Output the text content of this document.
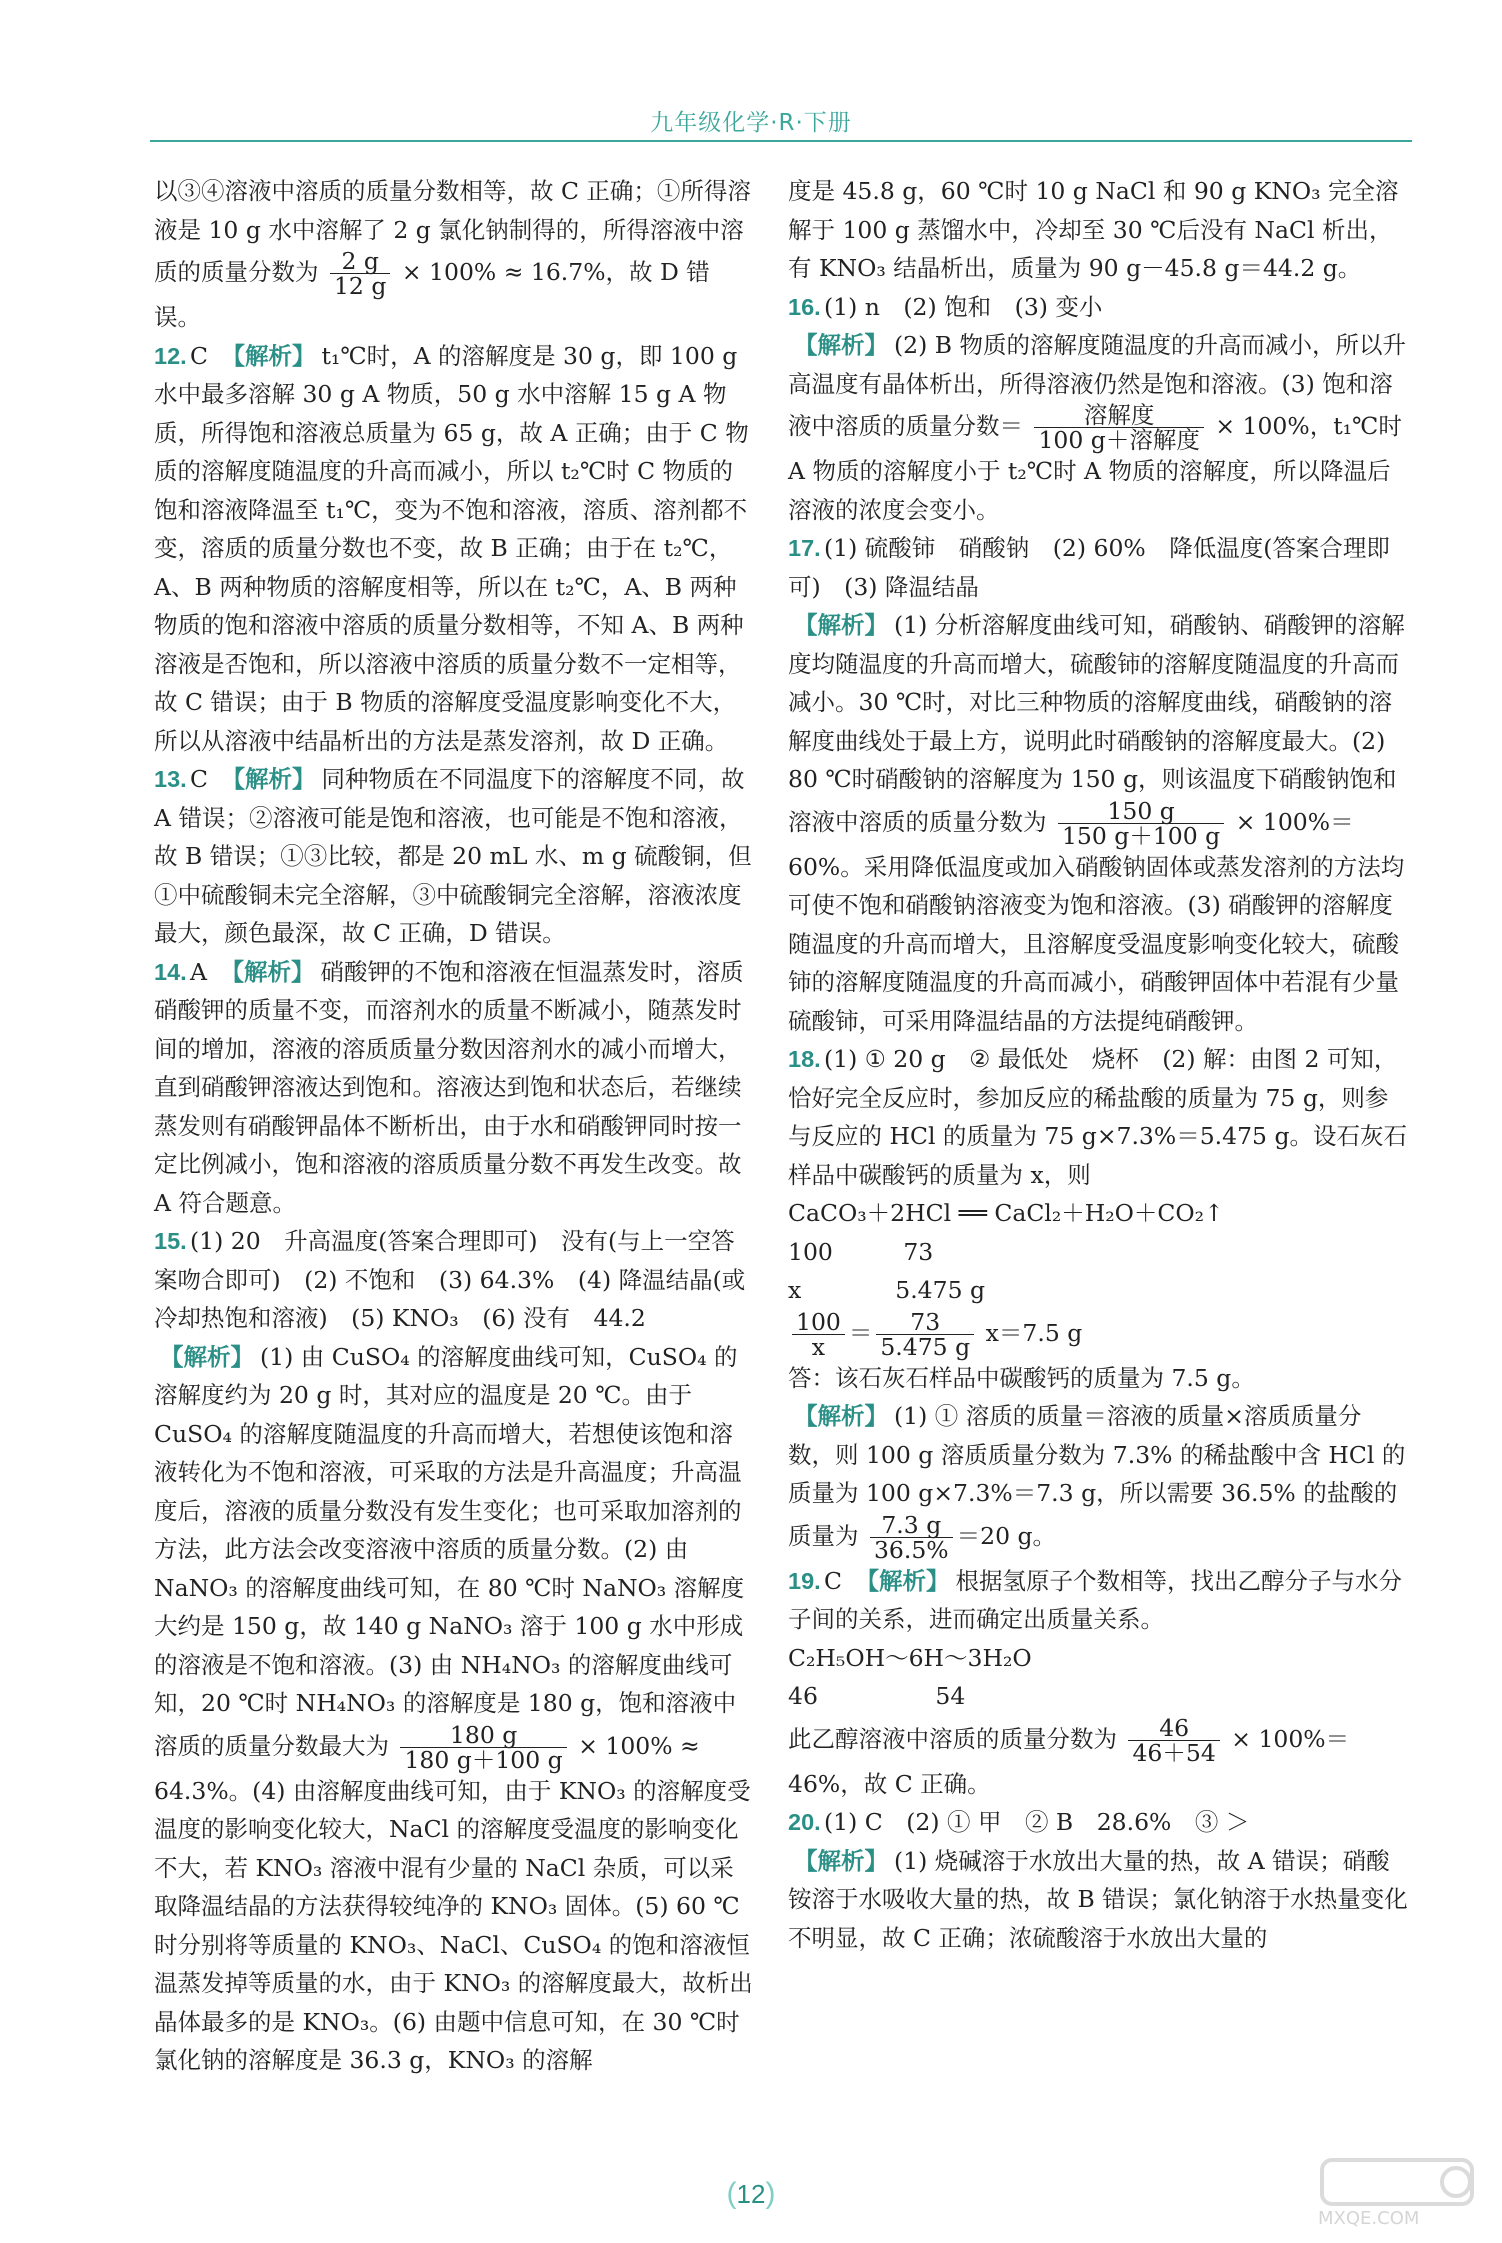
九年级化学·R·下册

以③④溶液中溶质的质量分数相等，故 C 正确；①所得溶液是 10 g 水中溶解了 2 g 氯化钠制得的，所得溶液中溶质的质量分数为 $\frac{2 g}{12 g} \times 100\% \approx 16.7\%$，故 D 错误。

12. C 【解析】 t₁℃时，A 的溶解度是 30 g，即 100 g 水中最多溶解 30 g A 物质，50 g 水中溶解 15 g A 物质，所得饱和溶液总质量为 65 g，故 A 正确；由于 C 物质的溶解度随温度的升高而减小，所以 t₂℃时 C 物质的饱和溶液降温至 t₁℃，变为不饱和溶液，溶质、溶剂都不变，溶质的质量分数也不变，故 B 正确；由于在 t₂℃，A、B 两种物质的溶解度相等，所以在 t₂℃，A、B 两种物质的饱和溶液中溶质的质量分数相等，不知 A、B 两种溶液是否饱和，所以溶液中溶质的质量分数不一定相等，故 C 错误；由于 B 物质的溶解度受温度影响变化不大，所以从溶液中结晶析出的方法是蒸发溶剂，故 D 正确。

13. C 【解析】 同种物质在不同温度下的溶解度不同，故 A 错误；②溶液可能是饱和溶液，也可能是不饱和溶液，故 B 错误；①③比较，都是 20 mL 水、m g 硫酸铜，但①中硫酸铜未完全溶解，③中硫酸铜完全溶解，溶液浓度最大，颜色最深，故 C 正确，D 错误。

14. A 【解析】 硝酸钾的不饱和溶液在恒温蒸发时，溶质硝酸钾的质量不变，而溶剂水的质量不断减小，随蒸发时间的增加，溶液的溶质质量分数因溶剂水的减小而增大，直到硝酸钾溶液达到饱和。溶液达到饱和状态后，若继续蒸发则有硝酸钾晶体不断析出，由于水和硝酸钾同时按一定比例减小，饱和溶液的溶质质量分数不再发生改变。故 A 符合题意。

15. (1) 20　升高温度(答案合理即可)　没有(与上一空答案吻合即可)　(2) 不饱和　(3) 64.3%　(4) 降温结晶(或冷却热饱和溶液)　(5) KNO₃　(6) 没有　44.2
【解析】 (1) 由 CuSO₄ 的溶解度曲线可知，CuSO₄ 的溶解度约为 20 g 时，其对应的温度是 20 ℃。由于 CuSO₄ 的溶解度随温度的升高而增大，若想使该饱和溶液转化为不饱和溶液，可采取的方法是升高温度；升高温度后，溶液的质量分数没有发生变化；也可采取加溶剂的方法，此方法会改变溶液中溶质的质量分数。(2) 由 NaNO₃ 的溶解度曲线可知，在 80 ℃时 NaNO₃ 溶解度大约是 150 g，故 140 g NaNO₃ 溶于 100 g 水中形成的溶液是不饱和溶液。(3) 由 NH₄NO₃ 的溶解度曲线可知，20 ℃时 NH₄NO₃ 的溶解度是 180 g，饱和溶液中溶质的质量分数最大为 $\frac{180 g}{180 g+100 g} \times 100\% \approx 64.3\%$。(4) 由溶解度曲线可知，由于 KNO₃ 的溶解度受温度的影响变化较大，NaCl 的溶解度受温度的影响变化不大，若 KNO₃ 溶液中混有少量的 NaCl 杂质，可以采取降温结晶的方法获得较纯净的 KNO₃ 固体。(5) 60 ℃时分别将等质量的 KNO₃、NaCl、CuSO₄ 的饱和溶液恒温蒸发掉等质量的水，由于 KNO₃ 的溶解度最大，故析出晶体最多的是 KNO₃。(6) 由题中信息可知，在 30 ℃时氯化钠的溶解度是 36.3 g，KNO₃ 的溶解

度是 45.8 g，60 ℃时 10 g NaCl 和 90 g KNO₃ 完全溶解于 100 g 蒸馏水中，冷却至 30 ℃后没有 NaCl 析出，有 KNO₃ 结晶析出，质量为 90 g－45.8 g＝44.2 g。

16. (1) n　(2) 饱和　(3) 变小
【解析】 (2) B 物质的溶解度随温度的升高而减小，所以升高温度有晶体析出，所得溶液仍然是饱和溶液。(3) 饱和溶液中溶质的质量分数＝ $\frac{\text{溶解度}}{\text{100 g＋溶解度}} \times 100\%$，t₁℃时 A 物质的溶解度小于 t₂℃时 A 物质的溶解度，所以降温后溶液的浓度会变小。

17. (1) 硫酸铈　硝酸钠　(2) 60%　降低温度(答案合理即可)　(3) 降温结晶
【解析】 (1) 分析溶解度曲线可知，硝酸钠、硝酸钾的溶解度均随温度的升高而增大，硫酸铈的溶解度随温度的升高而减小。30 ℃时，对比三种物质的溶解度曲线，硝酸钠的溶解度曲线处于最上方，说明此时硝酸钠的溶解度最大。(2) 80 ℃时硝酸钠的溶解度为 150 g，则该温度下硝酸钠饱和溶液中溶质的质量分数为 $\frac{150 g}{150 g+100 g} \times 100\%=60\%$。采用降低温度或加入硝酸钠固体或蒸发溶剂的方法均可使不饱和硝酸钠溶液变为饱和溶液。(3) 硝酸钾的溶解度随温度的升高而增大，且溶解度受温度影响变化较大，硫酸铈的溶解度随温度的升高而减小，硝酸钾固体中若混有少量硫酸铈，可采用降温结晶的方法提纯硝酸钾。

18. (1) ① 20 g　② 最低处　烧杯　(2) 解：由图 2 可知，恰好完全反应时，参加反应的稀盐酸的质量为 75 g，则参与反应的 HCl 的质量为 75 g×7.3%＝5.475 g。设石灰石样品中碳酸钙的质量为 x，则
CaCO₃＋2HCl ══ CaCl₂＋H₂O＋CO₂↑
100　　　73
x　　　　5.475 g
$\frac{100}{x} = \frac{73}{5.475 g} x=7.5$ g
答：该石灰石样品中碳酸钙的质量为 7.5 g。
【解析】 (1) ① 溶质的质量＝溶液的质量×溶质质量分数，则 100 g 溶质质量分数为 7.3% 的稀盐酸中含 HCl 的质量为 100 g×7.3%＝7.3 g，所以需要 36.5% 的盐酸的质量为 $\frac{7.3 g}{36.5\%} =20$ g。

19. C 【解析】 根据氢原子个数相等，找出乙醇分子与水分子间的关系，进而确定出质量关系。
C₂H₅OH～6H～3H₂O
46　　　　　54
此乙醇溶液中溶质的质量分数为 $\frac{46}{46+54} \times 100\%=46\%$，故 C 正确。

20. (1) C　(2) ① 甲　② B　28.6%　③ ＞
【解析】 (1) 烧碱溶于水放出大量的热，故 A 错误；硝酸铵溶于水吸收大量的热，故 B 错误；氯化钠溶于水热量变化不明显，故 C 正确；浓硫酸溶于水放出大量的

(12)
MXQE.COM
